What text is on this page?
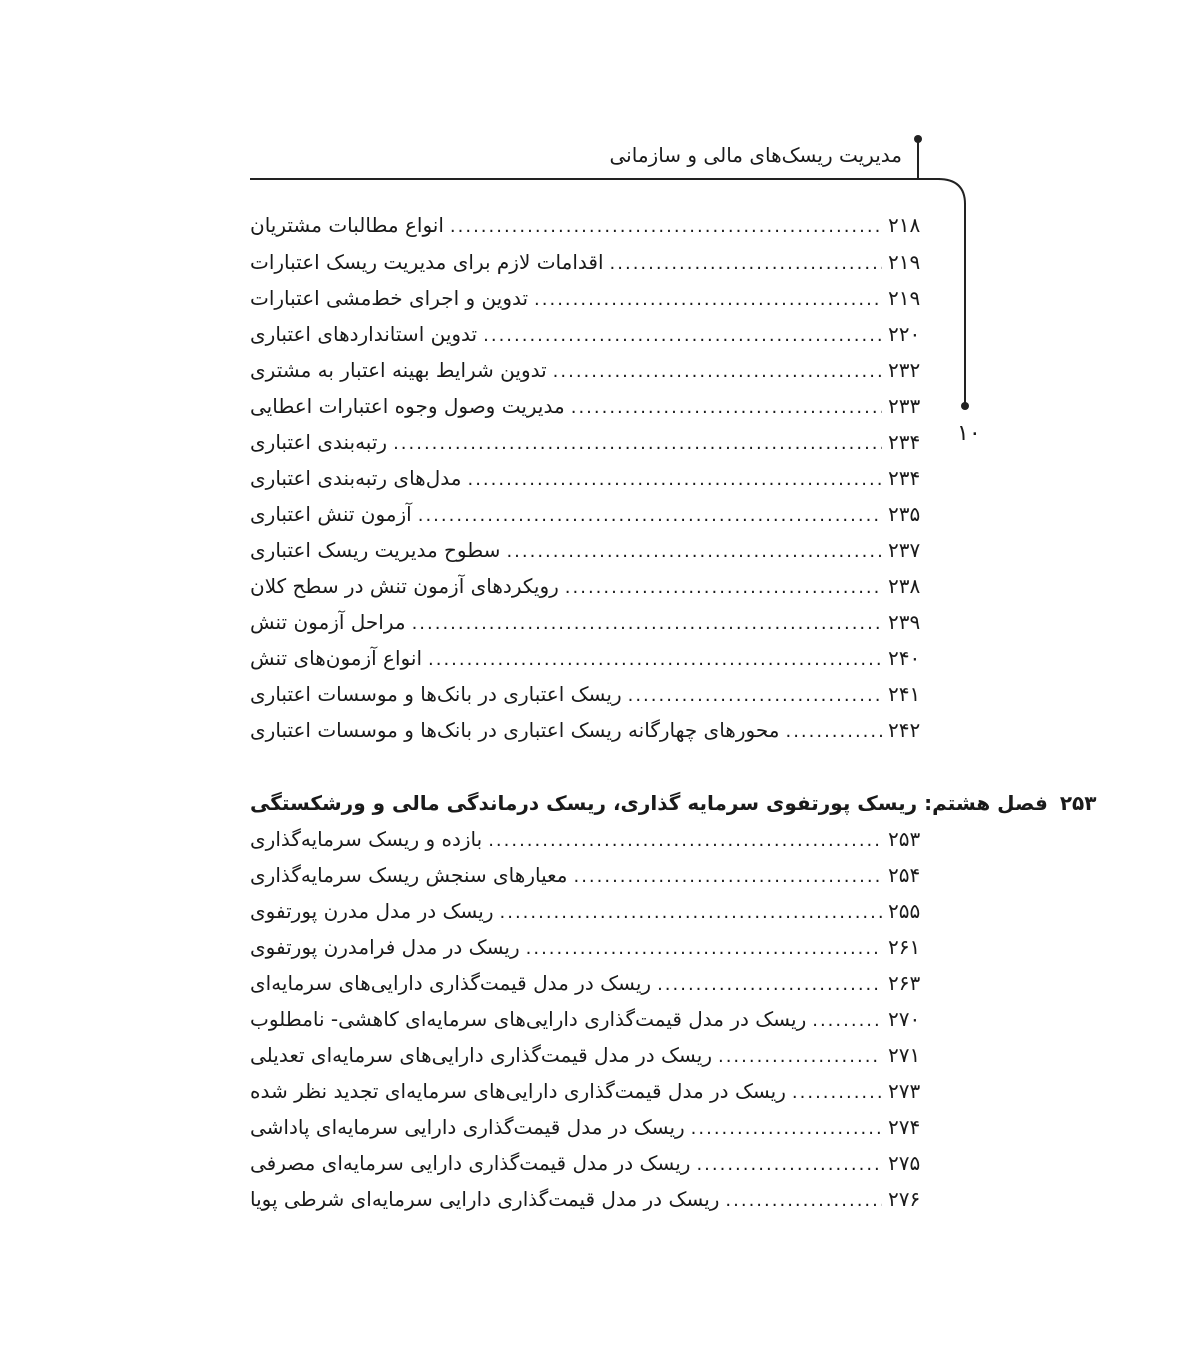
مدیریت ریسک‌های مالی و سازمانی
۱۰
انواع مطالبات مشتریان .....	۲۱۸
اقدامات لازم برای مدیریت ریسک اعتبارات .....	۲۱۹
تدوین و اجرای خط‌مشی اعتبارات .....	۲۱۹
تدوین استانداردهای اعتباری .....	۲۲۰
تدوین شرایط بهینه اعتبار به مشتری .....	۲۳۲
مدیریت وصول وجوه اعتبارات اعطایی .....	۲۳۳
رتبه‌بندی اعتباری .....	۲۳۴
مدل‌های رتبه‌بندی اعتباری .....	۲۳۴
آزمون تنش اعتباری .....	۲۳۵
سطوح مدیریت ریسک اعتباری .....	۲۳۷
رویکردهای آزمون تنش در سطح کلان .....	۲۳۸
مراحل آزمون تنش .....	۲۳۹
انواع آزمون‌های تنش .....	۲۴۰
ریسک اعتباری در بانک‌ها و موسسات اعتباری .....	۲۴۱
محورهای چهارگانه ریسک اعتباری در بانک‌ها و موسسات اعتباری .....	۲۴۲
فصل هشتم: ریسک پورتفوی سرمایه گذاری، ریسک درماندگی مالی و ورشکستگی ۲۵۳
بازده و ریسک سرمایه‌گذاری .....	۲۵۳
معیارهای سنجش ریسک سرمایه‌گذاری .....	۲۵۴
ریسک در مدل مدرن پورتفوی .....	۲۵۵
ریسک در مدل فرامدرن پورتفوی .....	۲۶۱
ریسک در مدل قیمت‌گذاری دارایی‌های سرمایه‌ای .....	۲۶۳
ریسک در مدل قیمت‌گذاری دارایی‌های سرمایه‌ای کاهشی- نامطلوب .....	۲۷۰
ریسک در مدل قیمت‌گذاری دارایی‌های سرمایه‌ای تعدیلی .....	۲۷۱
ریسک در مدل قیمت‌گذاری دارایی‌های سرمایه‌ای تجدید نظر شده .....	۲۷۳
ریسک در مدل قیمت‌گذاری دارایی سرمایه‌ای پاداشی .....	۲۷۴
ریسک در مدل قیمت‌گذاری دارایی سرمایه‌ای مصرفی .....	۲۷۵
ریسک در مدل قیمت‌گذاری دارایی سرمایه‌ای شرطی پویا .....	۲۷۶
